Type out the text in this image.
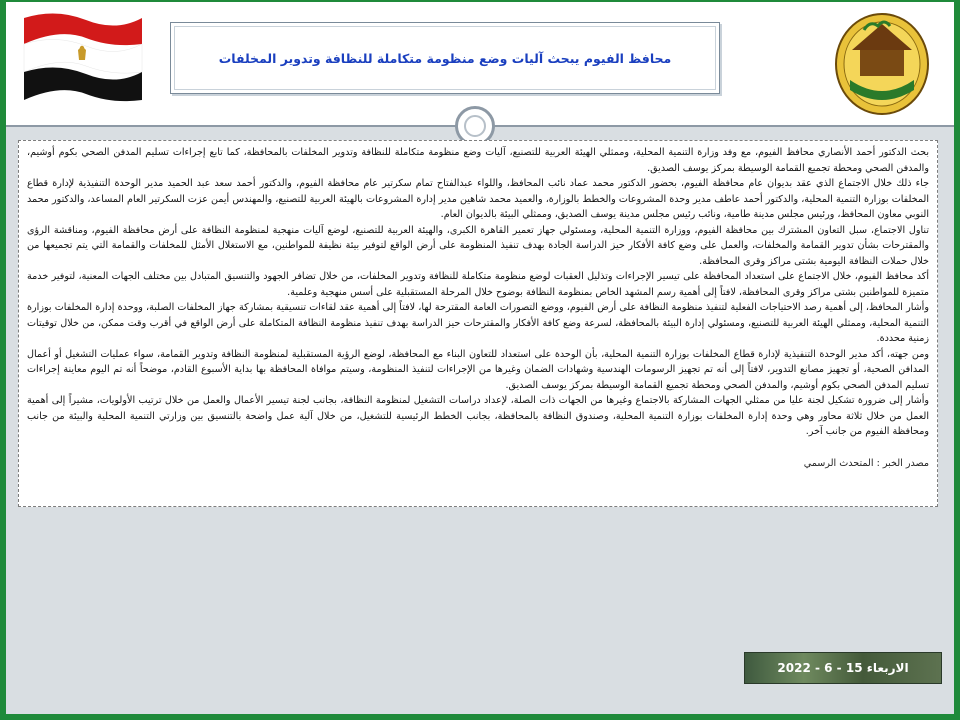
محافظ الفيوم يبحث آليات وضع منظومة متكاملة للنظافة وتدوير المخلفات

بحث الدكتور أحمد الأنصاري محافظ الفيوم، مع وفد وزارة التنمية المحلية، وممثلي الهيئة العربية للتصنيع، آليات وضع منظومة متكاملة للنظافة وتدوير المخلفات بالمحافظة، كما تابع إجراءات تسليم المدفن الصحي بكوم أوشيم، والمدفن الصحي ومحطة تجميع القمامة الوسيطة بمركز يوسف الصديق.

جاء ذلك خلال الاجتماع الذي عقد بديوان عام محافظة الفيوم، بحضور الدكتور محمد عماد نائب المحافظ، واللواء عبدالفتاح تمام سكرتير عام محافظة الفيوم، والدكتور أحمد سعد عبد الحميد مدير الوحدة التنفيذية لإدارة قطاع المخلفات بوزارة التنمية المحلية، والدكتور أحمد عاطف مدير وحدة المشروعات والخطط بالوزارة، والعميد محمد شاهين مدير إدارة المشروعات بالهيئة العربية للتصنيع، والمهندس أيمن عزت السكرتير العام المساعد، والدكتور محمد النوبي معاون المحافظ، ورئيس مجلس مدينة طامية، ونائب رئيس مجلس مدينة يوسف الصديق، وممثلي البيئة بالديوان العام.

تناول الاجتماع، سبل التعاون المشترك بين محافظة الفيوم، ووزارة التنمية المحلية، ومسئولي جهاز تعمير القاهرة الكبرى، والهيئة العربية للتصنيع، لوضع آليات منهجية لمنظومة النظافة على أرض محافظة الفيوم، ومناقشة الرؤى والمقترحات بشأن تدوير القمامة والمخلفات، والعمل على وضع كافة الأفكار حيز الدراسة الجادة بهدف تنفيذ المنظومة على أرض الواقع لتوفير بيئة نظيفة للمواطنين، مع الاستغلال الأمثل للمخلفات والقمامة التي يتم تجميعها من خلال حملات النظافة اليومية بشتى مراكز وقرى المحافظة.

أكد محافظ الفيوم، خلال الاجتماع على استعداد المحافظة على تيسير الإجراءات وتذليل العقبات لوضع منظومة متكاملة للنظافة وتدوير المخلفات، من خلال تضافر الجهود والتنسيق المتبادل بين مختلف الجهات المعنية، لتوفير خدمة متميزة للمواطنين بشتى مراكز وقرى المحافظة، لافتاً إلى أهمية رسم المشهد الخاص بمنظومة النظافة بوضوح خلال المرحلة المستقبلية على أسس منهجية وعلمية.

وأشار المحافظ، إلى أهمية رصد الاحتياجات الفعلية لتنفيذ منظومة النظافة على أرض الفيوم، ووضع التصورات العامة المقترحة لها، لافتاً إلى أهمية عقد لقاءات تنسيقية بمشاركة جهاز المخلفات الصلبة، ووحدة إدارة المخلفات بوزارة التنمية المحلية، وممثلي الهيئة العربية للتصنيع، ومسئولي إدارة البيئة بالمحافظة، لسرعة وضع كافة الأفكار والمقترحات حيز الدراسة بهدف تنفيذ منظومة النظافة المتكاملة على أرض الواقع في أقرب وقت ممكن، من خلال توقيتات زمنية محددة.

ومن جهته، أكد مدير الوحدة التنفيذية لإدارة قطاع المخلفات بوزارة التنمية المحلية، بأن الوحدة على استعداد للتعاون البناء مع المحافظة، لوضع الرؤية المستقبلية لمنظومة النظافة وتدوير القمامة، سواء عمليات التشغيل أو أعمال المدافن الصحية، أو تجهيز مصانع التدوير، لافتاً إلى أنه تم تجهيز الرسومات الهندسية وشهادات الضمان وغيرها من الإجراءات لتنفيذ المنظومة، وسيتم موافاة المحافظة بها بداية الأسبوع القادم، موضحاً أنه تم اليوم معاينة إجراءات تسليم المدفن الصحي بكوم أوشيم، والمدفن الصحي ومحطة تجميع القمامة الوسيطة بمركز يوسف الصديق.

وأشار إلى ضرورة تشكيل لجنة عليا من ممثلي الجهات المشاركة بالاجتماع وغيرها من الجهات ذات الصلة، لإعداد دراسات التشغيل لمنظومة النظافة، بجانب لجنة تيسير الأعمال والعمل من خلال ترتيب الأولويات، مشيراً إلى أهمية العمل من خلال ثلاثة محاور وهي وحدة إدارة المخلفات بوزارة التنمية المحلية، وصندوق النظافة بالمحافظة، بجانب الخطط الرئيسية للتشغيل، من خلال آلية عمل واضحة بالتنسيق بين وزارتي التنمية المحلية والبيئة من جانب ومحافظة الفيوم من جانب آخر.

مصدر الخبر : المتحدث الرسمي
الاربعاء 15 - 6 - 2022
